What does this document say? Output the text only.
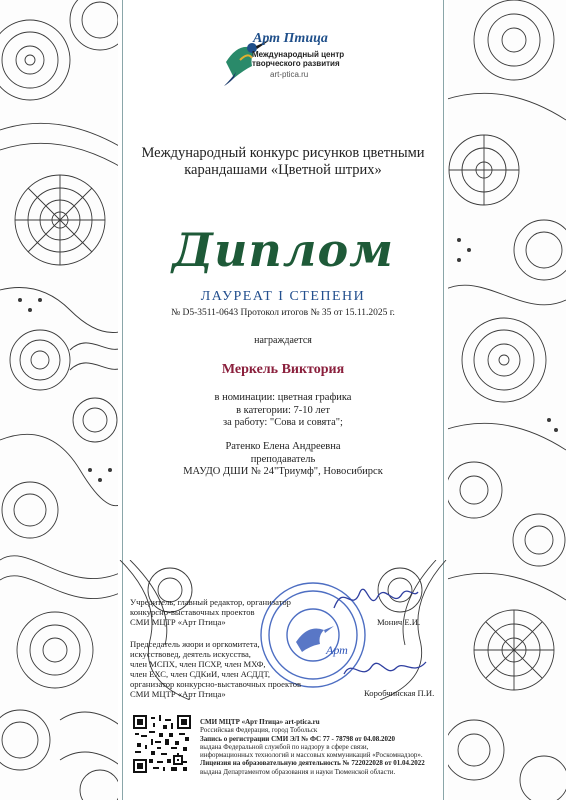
Арт Птица
Международный центр
творческого развития
art-ptica.ru
Международный конкурс рисунков цветными
карандашами «Цветной штрих»
Диплом
ЛАУРЕАТ I СТЕПЕНИ
№ D5-3511-0643 Протокол итогов № 35 от 15.11.2025 г.
награждается
Меркель Виктория
в номинации: цветная графика
в категории: 7-10 лет
за работу: "Сова и совята";
Ратенко Елена Андреевна
преподаватель
МАУДО ДШИ № 24"Триумф", Новосибирск
Арт
Учредитель, главный редактор, организатор
конкурсно-выставочных проектов
СМИ МЦТР «Арт Птица»	Монич Е.И.
Председатель жюри и оргкомитета,
искусствовед, деятель искусства,
член МСПХ, член ПСХР, член МХФ,
член ЕХС, член СДКиИ, член АСДДТ,
организатор конкурсно-выставочных проектов
СМИ МЦТР «Арт Птица»	Коробчинская П.И.
СМИ МЦТР «Арт Птица» art-ptica.ru
Российская Федерация, город Тобольск
Запись о регистрации СМИ ЭЛ № ФС 77 - 78798 от 04.08.2020
выдана Федеральной службой по надзору в сфере связи,
информационных технологий и массовых коммуникаций «Роскомнадзор».
Лицензия на образовательную деятельность № 722022028 от 01.04.2022
выдана Департаментом образования и науки Тюменской области.
